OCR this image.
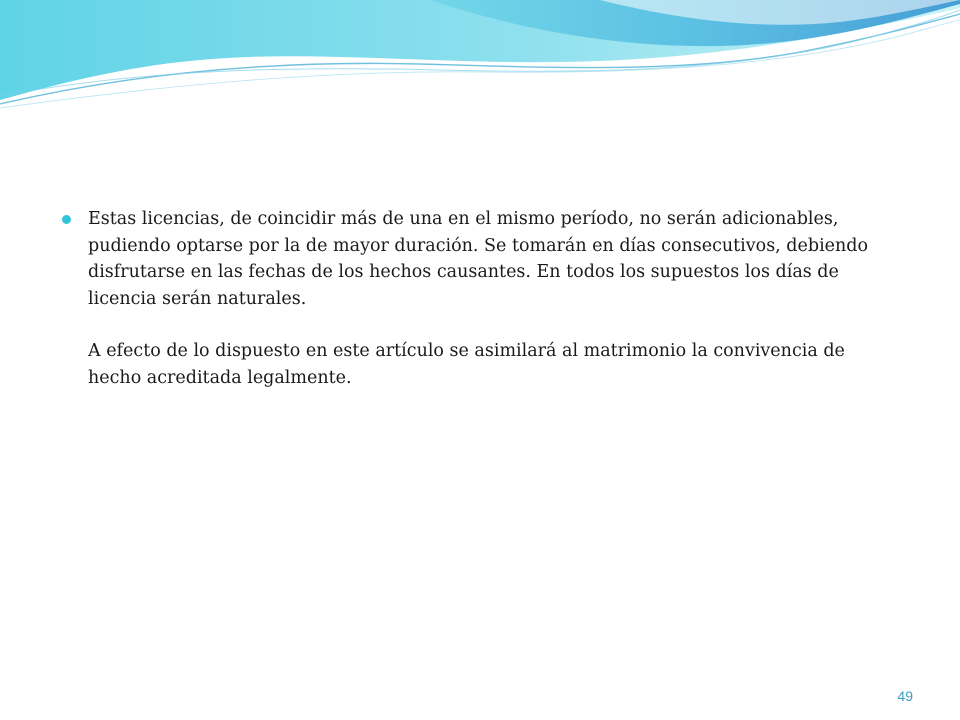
Estas licencias, de coincidir más de una en el mismo período, no serán adicionables, pudiendo optarse por la de mayor duración. Se tomarán en días consecutivos, debiendo disfrutarse en las fechas de los hechos causantes. En todos los supuestos los días de licencia serán naturales.

A efecto de lo dispuesto en este artículo se asimilará al matrimonio la convivencia de hecho acreditada legalmente.

49
